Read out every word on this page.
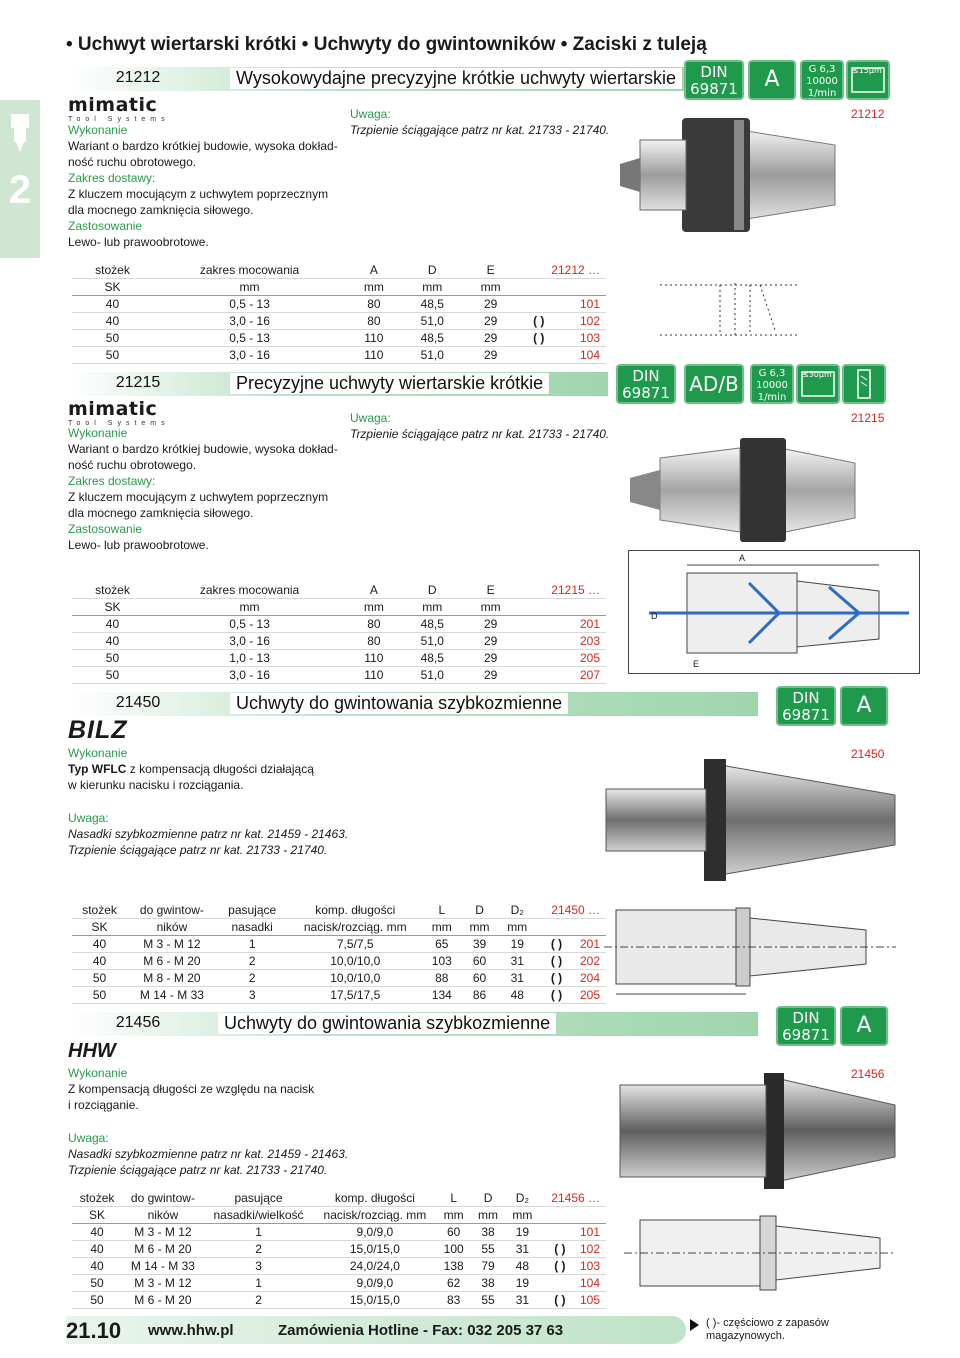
2
• Uchwyt wiertarski krótki • Uchwyty do gwintowników • Zaciski z tuleją
21212	Wysokowydajne precyzyjne krótkie uchwyty wiertarskie
mimatic
Tool Systems
Wykonanie
Wariant o bardzo krótkiej budowie, wysoka dokład-
ność ruchu obrotowego.
Zakres dostawy:
Z kluczem mocującym z uchwytem poprzecznym
dla mocnego zamknięcia siłowego.
Zastosowanie
Lewo- lub prawoobrotowe.
Uwaga:
Trzpienie ściągające patrz nr kat. 21733 - 21740.
DIN
69871	A	G 6,3
10000
1/min
≤15μm
21212
stożek	zakres mocowania	A	D	E	21212 …	
SK	mm	mm	mm	mm		
40	0,5 - 13	80	48,5	29		101
40	3,0 - 16	80	51,0	29	( )	102
50	0,5 - 13	110	48,5	29	( )	103
50	3,0 - 16	110	51,0	29		104
21215	Precyzyjne uchwyty wiertarskie krótkie
mimatic
Tool Systems
Wykonanie
Wariant o bardzo krótkiej budowie, wysoka dokład-
ność ruchu obrotowego.
Zakres dostawy:
Z kluczem mocującym z uchwytem poprzecznym
dla mocnego zamknięcia siłowego.
Zastosowanie
Lewo- lub prawoobrotowe.
Uwaga:
Trzpienie ściągające patrz nr kat. 21733 - 21740.
DIN
69871 AD/B	G 6,3
10000
1/min
≤30μm
21215
A
D
E
stożek	zakres mocowania	A	D	E	21215 …	
SK	mm	mm	mm	mm		
40	0,5 - 13	80	48,5	29		201
40	3,0 - 16	80	51,0	29		203
50	1,0 - 13	110	48,5	29		205
50	3,0 - 16	110	51,0	29		207
21450	Uchwyty do gwintowania szybkozmienne
BILZ
Wykonanie
Typ WFLC z kompensacją długości działającą
w kierunku nacisku i rozciągania.
Uwaga:
Nasadki szybkozmienne patrz nr kat. 21459 - 21463.
Trzpienie ściągające patrz nr kat. 21733 - 21740.
DIN
69871	A
21450
stożek	do gwintow-	pasujące	komp. długości	L	D	D₂	21450 …	
SK	ników	nasadki	nacisk/rozciąg. mm	mm	mm	mm		
40	M 3 - M 12	1	7,5/7,5	65	39	19	( )	201
40	M 6 - M 20	2	10,0/10,0	103	60	31	( )	202
50	M 8 - M 20	2	10,0/10,0	88	60	31	( )	204
50	M 14 - M 33	3	17,5/17,5	134	86	48	( )	205
21456	Uchwyty do gwintowania szybkozmienne
HHW
Wykonanie
Z kompensacją długości ze względu na nacisk
i rozciąganie.
Uwaga:
Nasadki szybkozmienne patrz nr kat. 21459 - 21463.
Trzpienie ściągające patrz nr kat. 21733 - 21740.
DIN
69871	A
21456
stożek	do gwintow-	pasujące	komp. długości	L	D	D₂	21456 …	
SK	ników	nasadki/wielkość	nacisk/rozciąg. mm	mm	mm	mm		
40	M 3 - M 12	1	9,0/9,0	60	38	19		101
40	M 6 - M 20	2	15,0/15,0	100	55	31	( )	102
40	M 14 - M 33	3	24,0/24,0	138	79	48	( )	103
50	M 3 - M 12	1	9,0/9,0	62	38	19		104
50	M 6 - M 20	2	15,0/15,0	83	55	31	( )	105
21.10 www.hhw.pl	Zamówienia Hotline - Fax: 032 205 37 63	( )- częściowo z zapasów magazynowych.
